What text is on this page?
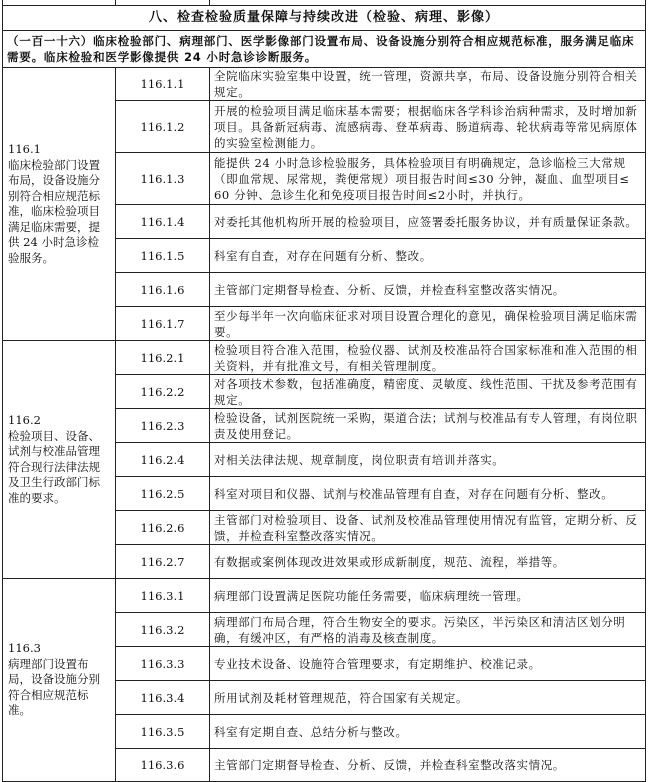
八、检查检验质量保障与持续改进（检验、病理、影像）		
（一百一十六）临床检验部门、病理部门、医学影像部门设置布局、设备设施分别符合相应规范标准，服务满足临床需要。临床检验和医学影像提供 24 小时急诊诊断服务。		

116.1
临床检验部门设置布局，设备设施分别符合相应规范标准，临床检验项目满足临床需要，提供 24 小时急诊检验服务。	116.1.1	全院临床实验室集中设置，统一管理，资源共享，布局、设备设施分别符合相关规定。
	116.1.2	开展的检验项目满足临床基本需要；根据临床各学科诊治病种需求，及时增加新项目。具备新冠病毒、流感病毒、登革病毒、肠道病毒、轮状病毒等常见病原体的实验室检测能力。
	116.1.3	能提供 24 小时急诊检验服务，具体检验项目有明确规定，急诊临检三大常规（即血常规、尿常规，粪便常规）项目报告时间≤30 分钟，凝血、血型项目≤ 60 分钟、急诊生化和免疫项目报告时间≤2小时，并执行。
	116.1.4	对委托其他机构所开展的检验项目，应签署委托服务协议，并有质量保证条款。
	116.1.5	科室有自查，对存在问题有分析、整改。
	116.1.6	主管部门定期督导检查、分析、反馈，并检查科室整改落实情况。
	116.1.7	至少每半年一次向临床征求对项目设置合理化的意见，确保检验项目满足临床需要。

116.2
检验项目、设备、试剂与校准品管理符合现行法律法规及卫生行政部门标准的要求。	116.2.1	检验项目符合准入范围，检验仪器、试剂及校准品符合国家标准和准入范围的相关资料，并有批准文号，有相关管理制度。
	116.2.2	对各项技术参数，包括准确度，精密度、灵敏度、线性范围、干扰及参考范围有规定。
	116.2.3	检验设备，试剂医院统一采购，渠道合法；试剂与校准品有专人管理，有岗位职责及使用登记。
	116.2.4	对相关法律法规、规章制度，岗位职责有培训并落实。
	116.2.5	科室对项目和仪器、试剂与校准品管理有自查，对存在问题有分析、整改。
	116.2.6	主管部门对检验项目、设备、试剂及校准品管理使用情况有监管，定期分析、反馈，并检查科室整改落实情况。
	116.2.7	有数据或案例体现改进效果或形成新制度，规范、流程，举措等。

116.3
病理部门设置布局，设备设施分别符合相应规范标准。	116.3.1	病理部门设置满足医院功能任务需要，临床病理统一管理。
	116.3.2	病理部门布局合理，符合生物安全的要求。污染区，半污染区和清洁区划分明确，有缓冲区，有严格的消毒及核查制度。
	116.3.3	专业技术设备、设施符合管理要求，有定期维护、校准记录。
	116.3.4	所用试剂及耗材管理规范，符合国家有关规定。
	116.3.5	科室有定期自查、总结分析与整改。
	116.3.6	主管部门定期督导检查、分析、反馈，并检查科室整改落实情况。
